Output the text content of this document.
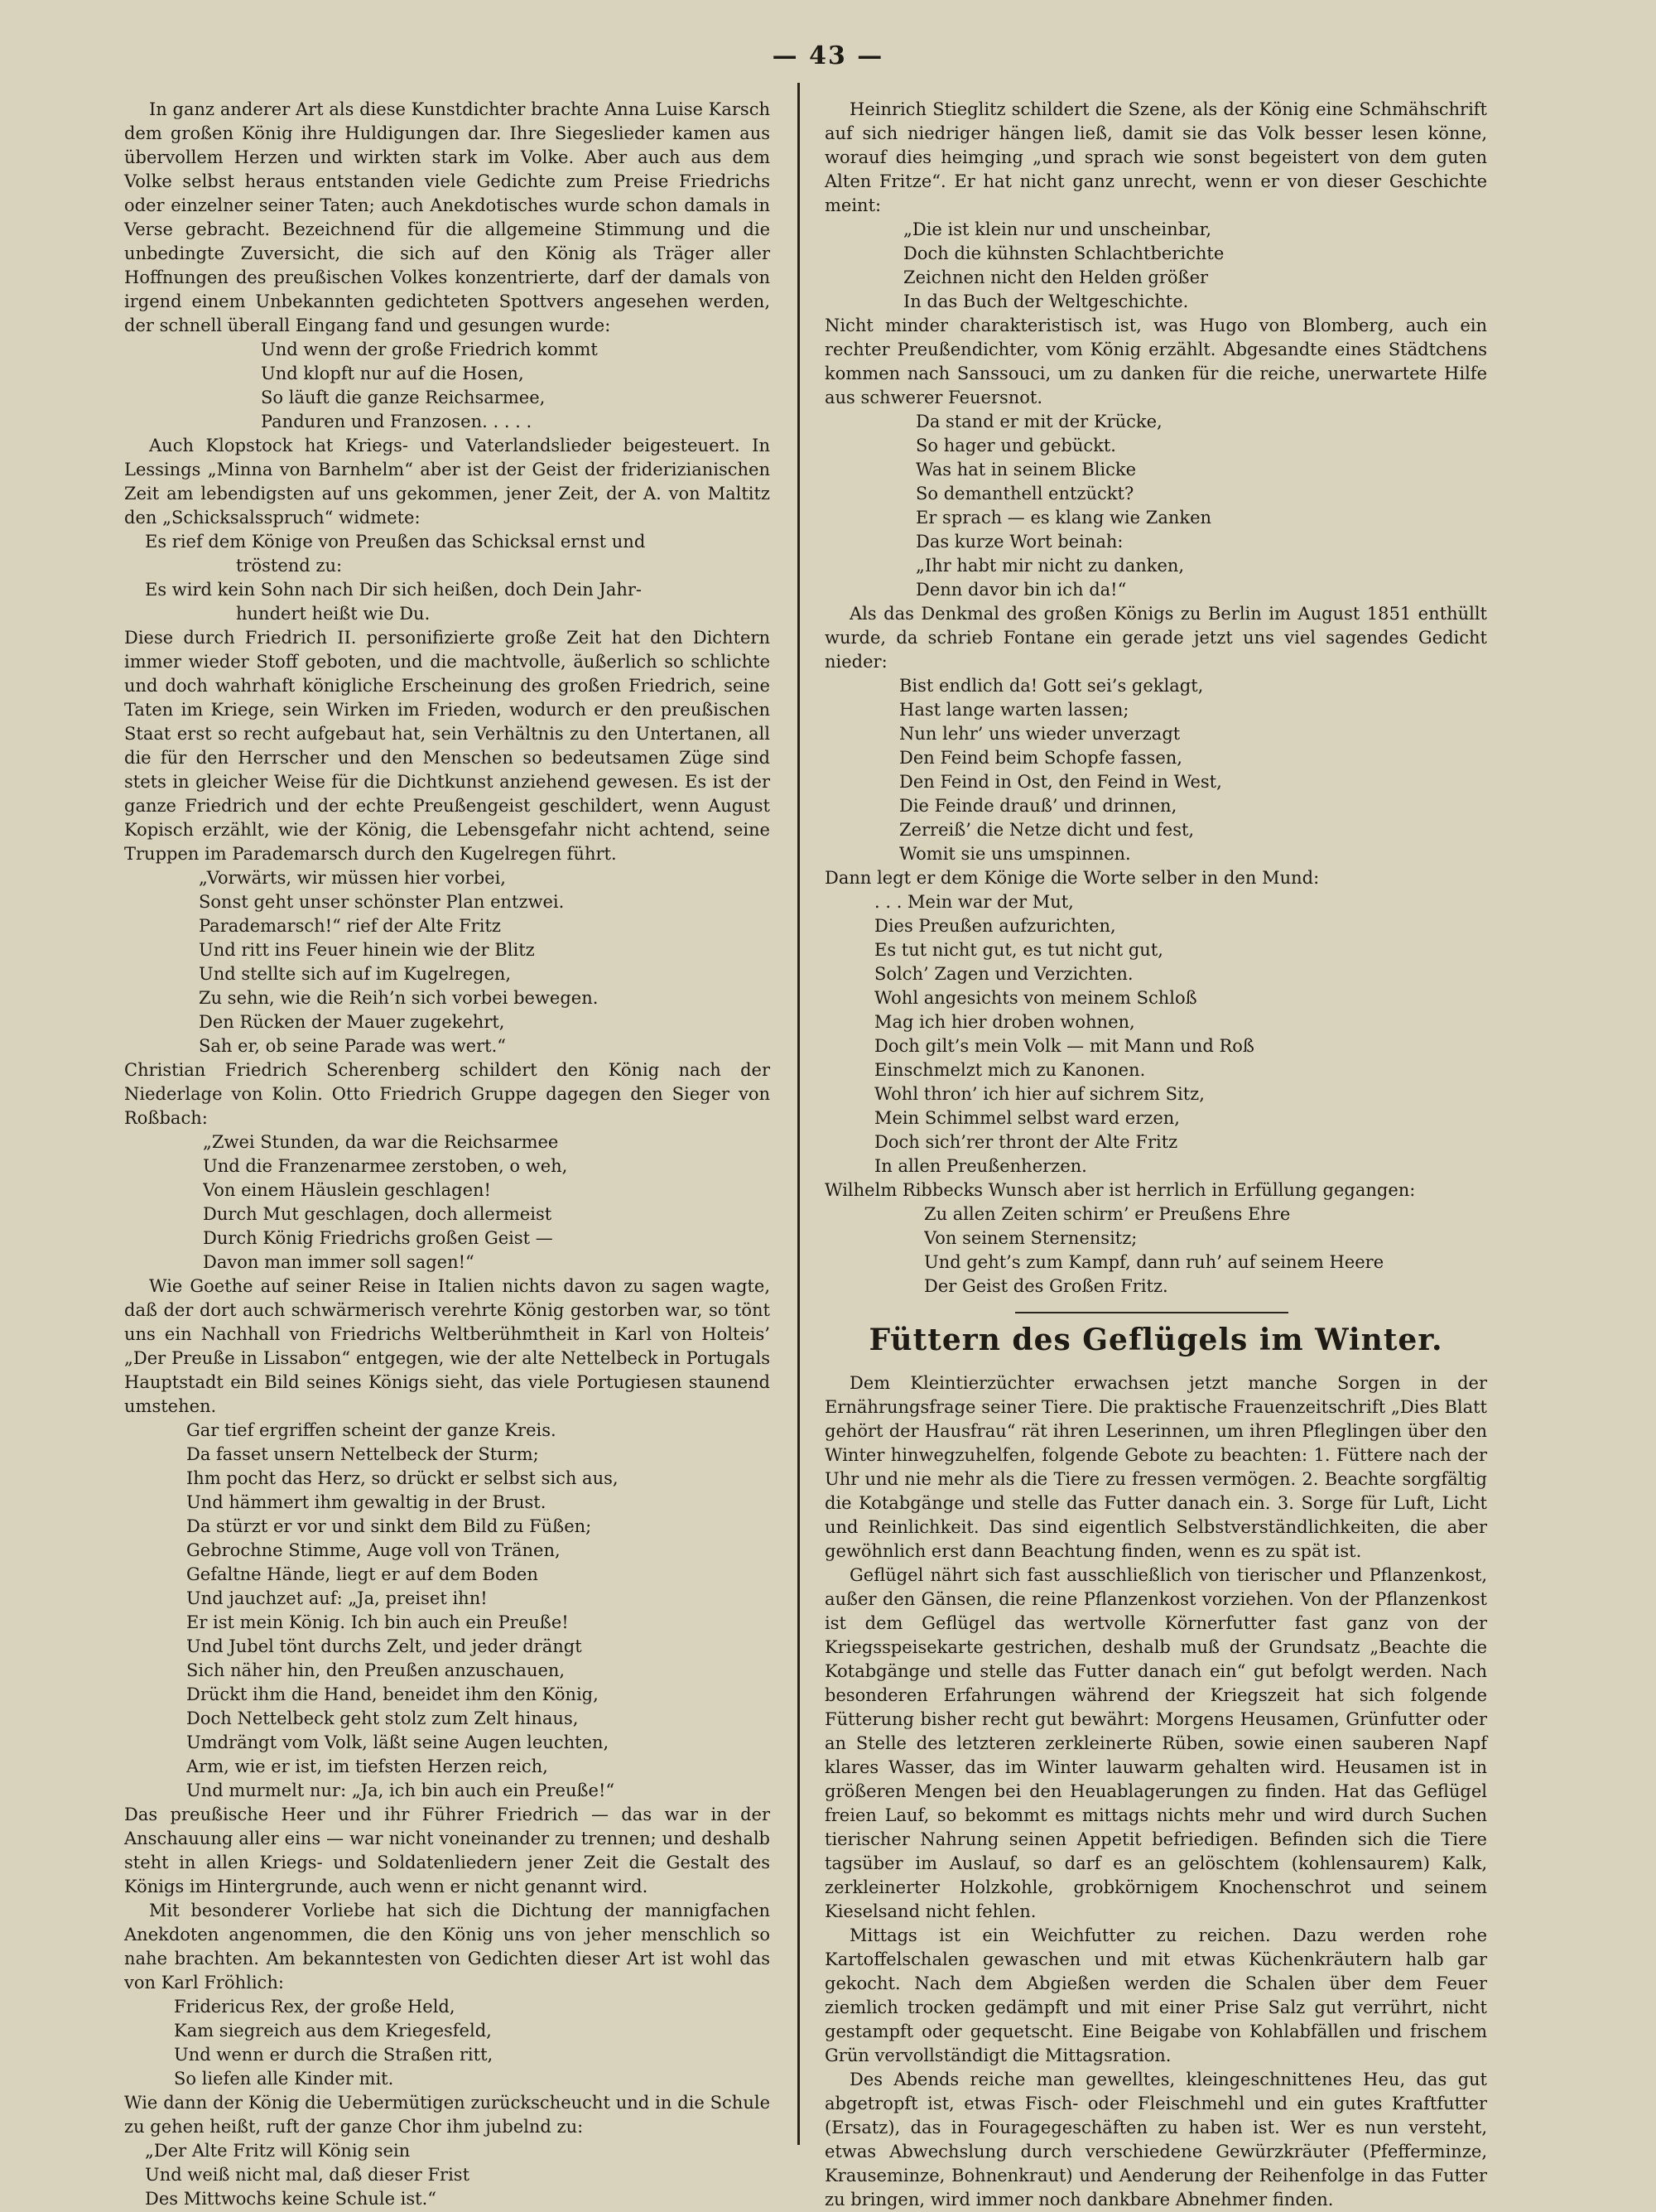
— 43 —

In ganz anderer Art als diese Kunstdichter brachte Anna Luise Karsch dem großen König ihre Huldigungen dar. Ihre Siegeslieder kamen aus übervollem Herzen und wirkten stark im Volke. Aber auch aus dem Volke selbst heraus entstanden viele Gedichte zum Preise Friedrichs oder einzelner seiner Taten; auch Anekdotisches wurde schon damals in Verse gebracht. Bezeichnend für die allgemeine Stimmung und die unbedingte Zuversicht, die sich auf den König als Träger aller Hoffnungen des preußischen Volkes konzentrierte, darf der damals von irgend einem Unbekannten gedichteten Spottvers angesehen werden, der schnell überall Eingang fand und gesungen wurde:

Und wenn der große Friedrich kommt
Und klopft nur auf die Hosen,
So läuft die ganze Reichsarmee,
Panduren und Franzosen. . . . .

Auch Klopstock hat Kriegs- und Vaterlandslieder beigesteuert. In Lessings „Minna von Barnhelm“ aber ist der Geist der friderizianischen Zeit am lebendigsten auf uns gekommen, jener Zeit, der A. von Maltitz den „Schicksalsspruch“ widmete:

Es rief dem Könige von Preußen das Schicksal ernst und
tröstend zu:
Es wird kein Sohn nach Dir sich heißen, doch Dein Jahr-
hundert heißt wie Du.

Diese durch Friedrich II. personifizierte große Zeit hat den Dichtern immer wieder Stoff geboten, und die machtvolle, äußerlich so schlichte und doch wahrhaft königliche Erscheinung des großen Friedrich, seine Taten im Kriege, sein Wirken im Frieden, wodurch er den preußischen Staat erst so recht aufgebaut hat, sein Verhältnis zu den Untertanen, all die für den Herrscher und den Menschen so bedeutsamen Züge sind stets in gleicher Weise für die Dichtkunst anziehend gewesen. Es ist der ganze Friedrich und der echte Preußengeist geschildert, wenn August Kopisch erzählt, wie der König, die Lebensgefahr nicht achtend, seine Truppen im Parademarsch durch den Kugelregen führt.

„Vorwärts, wir müssen hier vorbei,
Sonst geht unser schönster Plan entzwei.
Parademarsch!“ rief der Alte Fritz
Und ritt ins Feuer hinein wie der Blitz
Und stellte sich auf im Kugelregen,
Zu sehn, wie die Reih’n sich vorbei bewegen.
Den Rücken der Mauer zugekehrt,
Sah er, ob seine Parade was wert.“

Christian Friedrich Scherenberg schildert den König nach der Niederlage von Kolin. Otto Friedrich Gruppe dagegen den Sieger von Roßbach:

„Zwei Stunden, da war die Reichsarmee
Und die Franzenarmee zerstoben, o weh,
Von einem Häuslein geschlagen!
Durch Mut geschlagen, doch allermeist
Durch König Friedrichs großen Geist —
Davon man immer soll sagen!“

Wie Goethe auf seiner Reise in Italien nichts davon zu sagen wagte, daß der dort auch schwärmerisch verehrte König gestorben war, so tönt uns ein Nachhall von Friedrichs Weltberühmtheit in Karl von Holteis’ „Der Preuße in Lissabon“ entgegen, wie der alte Nettelbeck in Portugals Hauptstadt ein Bild seines Königs sieht, das viele Portugiesen staunend umstehen.

Gar tief ergriffen scheint der ganze Kreis.
Da fasset unsern Nettelbeck der Sturm;
Ihm pocht das Herz, so drückt er selbst sich aus,
Und hämmert ihm gewaltig in der Brust.
Da stürzt er vor und sinkt dem Bild zu Füßen;
Gebrochne Stimme, Auge voll von Tränen,
Gefaltne Hände, liegt er auf dem Boden
Und jauchzet auf: „Ja, preiset ihn!
Er ist mein König. Ich bin auch ein Preuße!
Und Jubel tönt durchs Zelt, und jeder drängt
Sich näher hin, den Preußen anzuschauen,
Drückt ihm die Hand, beneidet ihm den König,
Doch Nettelbeck geht stolz zum Zelt hinaus,
Umdrängt vom Volk, läßt seine Augen leuchten,
Arm, wie er ist, im tiefsten Herzen reich,
Und murmelt nur: „Ja, ich bin auch ein Preuße!“

Das preußische Heer und ihr Führer Friedrich — das war in der Anschauung aller eins — war nicht voneinander zu trennen; und deshalb steht in allen Kriegs- und Soldatenliedern jener Zeit die Gestalt des Königs im Hintergrunde, auch wenn er nicht genannt wird.

Mit besonderer Vorliebe hat sich die Dichtung der mannigfachen Anekdoten angenommen, die den König uns von jeher menschlich so nahe brachten. Am bekanntesten von Gedichten dieser Art ist wohl das von Karl Fröhlich:

Fridericus Rex, der große Held,
Kam siegreich aus dem Kriegesfeld,
Und wenn er durch die Straßen ritt,
So liefen alle Kinder mit.

Wie dann der König die Uebermütigen zurückscheucht und in die Schule zu gehen heißt, ruft der ganze Chor ihm jubelnd zu:

„Der Alte Fritz will König sein
Und weiß nicht mal, daß dieser Frist
Des Mittwochs keine Schule ist.“

Heinrich Stieglitz schildert die Szene, als der König eine Schmähschrift auf sich niedriger hängen ließ, damit sie das Volk besser lesen könne, worauf dies heimging „und sprach wie sonst begeistert von dem guten Alten Fritze“. Er hat nicht ganz unrecht, wenn er von dieser Geschichte meint:

„Die ist klein nur und unscheinbar,
Doch die kühnsten Schlachtberichte
Zeichnen nicht den Helden größer
In das Buch der Weltgeschichte.

Nicht minder charakteristisch ist, was Hugo von Blomberg, auch ein rechter Preußendichter, vom König erzählt. Abgesandte eines Städtchens kommen nach Sanssouci, um zu danken für die reiche, unerwartete Hilfe aus schwerer Feuersnot.

Da stand er mit der Krücke,
So hager und gebückt.
Was hat in seinem Blicke
So demanthell entzückt?
Er sprach — es klang wie Zanken
Das kurze Wort beinah:
„Ihr habt mir nicht zu danken,
Denn davor bin ich da!“

Als das Denkmal des großen Königs zu Berlin im August 1851 enthüllt wurde, da schrieb Fontane ein gerade jetzt uns viel sagendes Gedicht nieder:

Bist endlich da! Gott sei’s geklagt,
Hast lange warten lassen;
Nun lehr’ uns wieder unverzagt
Den Feind beim Schopfe fassen,
Den Feind in Ost, den Feind in West,
Die Feinde drauß’ und drinnen,
Zerreiß’ die Netze dicht und fest,
Womit sie uns umspinnen.

Dann legt er dem Könige die Worte selber in den Mund:

. . . Mein war der Mut,
Dies Preußen aufzurichten,
Es tut nicht gut, es tut nicht gut,
Solch’ Zagen und Verzichten.
Wohl angesichts von meinem Schloß
Mag ich hier droben wohnen,
Doch gilt’s mein Volk — mit Mann und Roß
Einschmelzt mich zu Kanonen.
Wohl thron’ ich hier auf sichrem Sitz,
Mein Schimmel selbst ward erzen,
Doch sich’rer thront der Alte Fritz
In allen Preußenherzen.

Wilhelm Ribbecks Wunsch aber ist herrlich in Erfüllung gegangen:

Zu allen Zeiten schirm’ er Preußens Ehre
Von seinem Sternensitz;
Und geht’s zum Kampf, dann ruh’ auf seinem Heere
Der Geist des Großen Fritz.
Füttern des Geflügels im Winter.

Dem Kleintierzüchter erwachsen jetzt manche Sorgen in der Ernährungsfrage seiner Tiere. Die praktische Frauenzeitschrift „Dies Blatt gehört der Hausfrau“ rät ihren Leserinnen, um ihren Pfleglingen über den Winter hinwegzuhelfen, folgende Gebote zu beachten: 1. Füttere nach der Uhr und nie mehr als die Tiere zu fressen vermögen. 2. Beachte sorgfältig die Kotabgänge und stelle das Futter danach ein. 3. Sorge für Luft, Licht und Reinlichkeit. Das sind eigentlich Selbstverständlichkeiten, die aber gewöhnlich erst dann Beachtung finden, wenn es zu spät ist.

Geflügel nährt sich fast ausschließlich von tierischer und Pflanzenkost, außer den Gänsen, die reine Pflanzenkost vorziehen. Von der Pflanzenkost ist dem Geflügel das wertvolle Körnerfutter fast ganz von der Kriegsspeisekarte gestrichen, deshalb muß der Grundsatz „Beachte die Kotabgänge und stelle das Futter danach ein“ gut befolgt werden. Nach besonderen Erfahrungen während der Kriegszeit hat sich folgende Fütterung bisher recht gut bewährt: Morgens Heusamen, Grünfutter oder an Stelle des letzteren zerkleinerte Rüben, sowie einen sauberen Napf klares Wasser, das im Winter lauwarm gehalten wird. Heusamen ist in größeren Mengen bei den Heuablagerungen zu finden. Hat das Geflügel freien Lauf, so bekommt es mittags nichts mehr und wird durch Suchen tierischer Nahrung seinen Appetit befriedigen. Befinden sich die Tiere tagsüber im Auslauf, so darf es an gelöschtem (kohlensaurem) Kalk, zerkleinerter Holzkohle, grobkörnigem Knochenschrot und seinem Kieselsand nicht fehlen.

Mittags ist ein Weichfutter zu reichen. Dazu werden rohe Kartoffelschalen gewaschen und mit etwas Küchenkräutern halb gar gekocht. Nach dem Abgießen werden die Schalen über dem Feuer ziemlich trocken gedämpft und mit einer Prise Salz gut verrührt, nicht gestampft oder gequetscht. Eine Beigabe von Kohlabfällen und frischem Grün vervollständigt die Mittagsration.

Des Abends reiche man gewelltes, kleingeschnittenes Heu, das gut abgetropft ist, etwas Fisch- oder Fleischmehl und ein gutes Kraftfutter (Ersatz), das in Fouragegeschäften zu haben ist. Wer es nun versteht, etwas Abwechslung durch verschiedene Gewürzkräuter (Pfefferminze, Krauseminze, Bohnenkraut) und Aenderung der Reihenfolge in das Futter zu bringen, wird immer noch dankbare Abnehmer finden.
